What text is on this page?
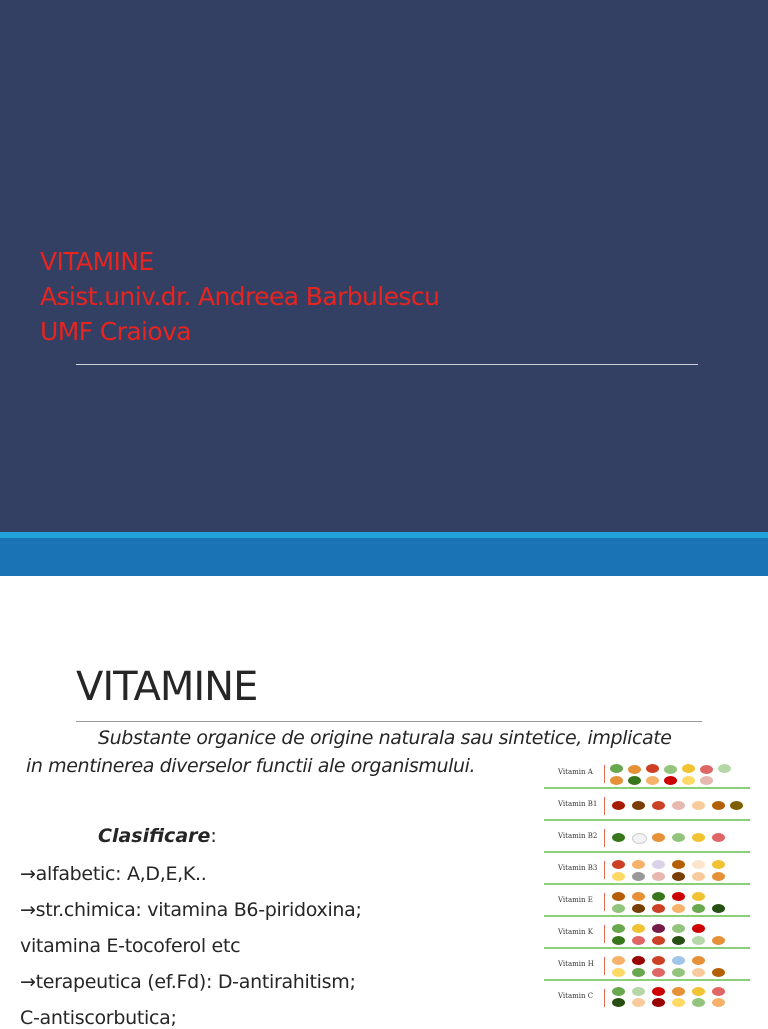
VITAMINE
Asist.univ.dr. Andreea Barbulescu
UMF Craiova
VITAMINE
Substante organice de origine naturala sau sintetice, implicate
in mentinerea diverselor functii ale organismului.
Clasificare:
→alfabetic: A,D,E,K..
→str.chimica: vitamina B6-piridoxina;
vitamina E-tocoferol etc
→terapeutica (ef.Fd): D-antirahitism;
C-antiscorbutica;
Vitamin A
Vitamin B1
Vitamin B2
Vitamin B3
Vitamin E
Vitamin K
Vitamin H
Vitamin C
